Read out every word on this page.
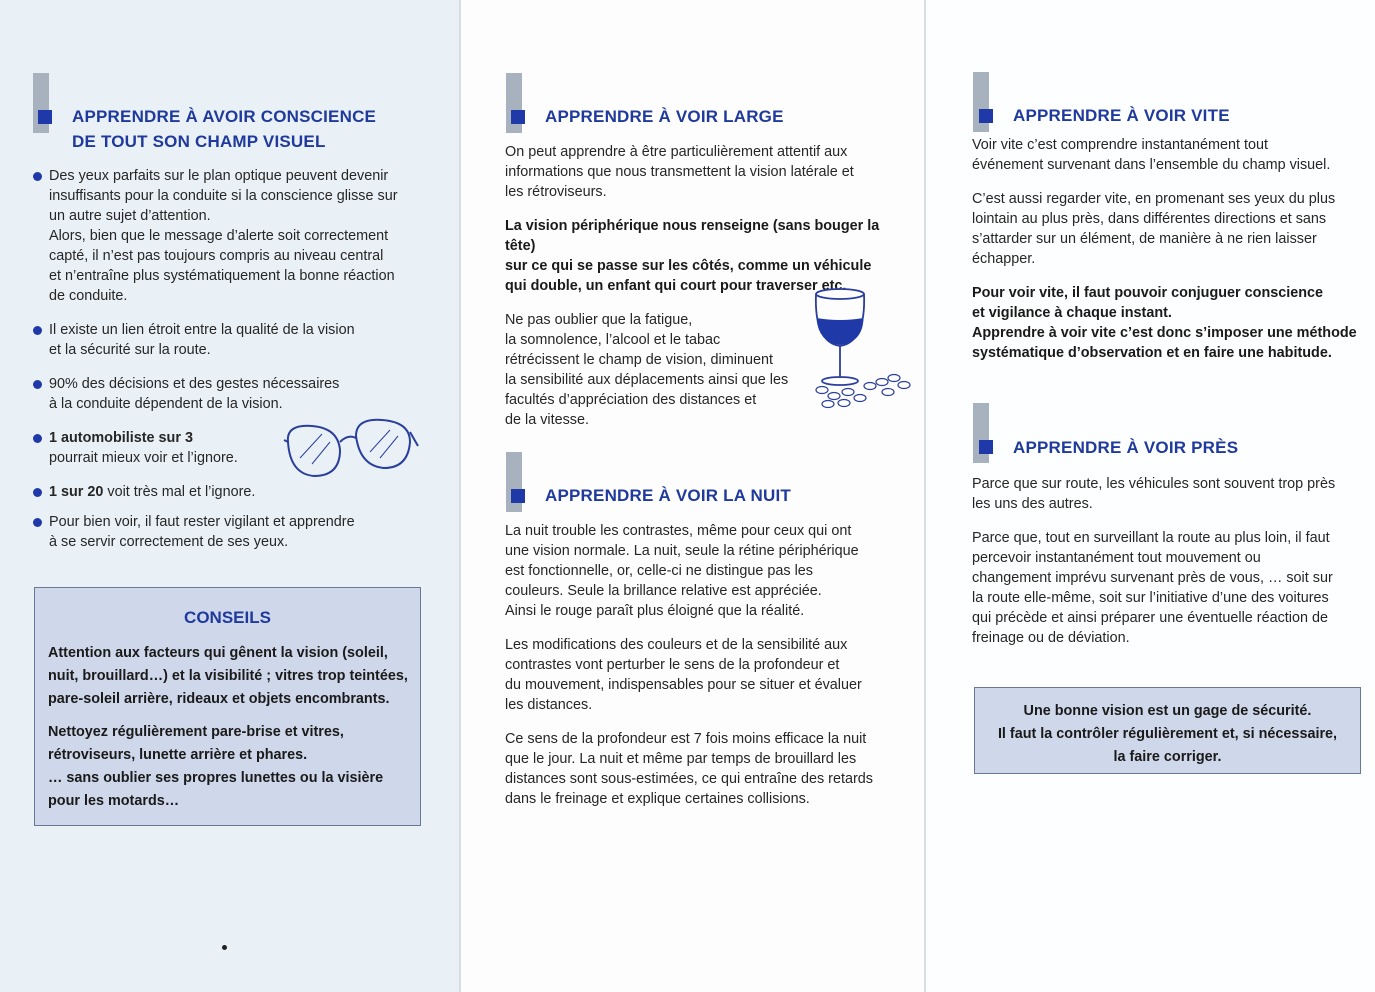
APPRENDRE À AVOIR CONSCIENCE
DE TOUT SON CHAMP VISUEL
Des yeux parfaits sur le plan optique peuvent devenir
insuffisants pour la conduite si la conscience glisse sur
un autre sujet d’attention.
Alors, bien que le message d’alerte soit correctement
capté, il n’est pas toujours compris au niveau central
et n’entraîne plus systématiquement la bonne réaction
de conduite.
Il existe un lien étroit entre la qualité de la vision
et la sécurité sur la route.
90% des décisions et des gestes nécessaires
à la conduite dépendent de la vision.
1 automobiliste sur 3
pourrait mieux voir et l’ignore.
1 sur 20 voit très mal et l’ignore.
Pour bien voir, il faut rester vigilant et apprendre
à se servir correctement de ses yeux.
CONSEILS
Attention aux facteurs qui gênent la vision (soleil,
nuit, brouillard…) et la visibilité ; vitres trop teintées,
pare-soleil arrière, rideaux et objets encombrants.
Nettoyez régulièrement pare-brise et vitres,
rétroviseurs, lunette arrière et phares.
… sans oublier ses propres lunettes ou la visière
pour les motards…
APPRENDRE À VOIR LARGE

On peut apprendre à être particulièrement attentif aux
informations que nous transmettent la vision latérale et
les rétroviseurs.

La vision périphérique nous renseigne (sans bouger la tête)
sur ce qui se passe sur les côtés, comme un véhicule
qui double, un enfant qui court pour traverser etc.

Ne pas oublier que la fatigue,
la somnolence, l’alcool et le tabac
rétrécissent le champ de vision, diminuent
la sensibilité aux déplacements ainsi que les
facultés d’appréciation des distances et
de la vitesse.

APPRENDRE À VOIR LA NUIT

La nuit trouble les contrastes, même pour ceux qui ont
une vision normale. La nuit, seule la rétine périphérique
est fonctionnelle, or, celle-ci ne distingue pas les
couleurs. Seule la brillance relative est appréciée.
Ainsi le rouge paraît plus éloigné que la réalité.

Les modifications des couleurs et de la sensibilité aux
contrastes vont perturber le sens de la profondeur et
du mouvement, indispensables pour se situer et évaluer
les distances.

Ce sens de la profondeur est 7 fois moins efficace la nuit
que le jour. La nuit et même par temps de brouillard les
distances sont sous-estimées, ce qui entraîne des retards
dans le freinage et explique certaines collisions.

APPRENDRE À VOIR VITE

Voir vite c’est comprendre instantanément tout
événement survenant dans l’ensemble du champ visuel.

C’est aussi regarder vite, en promenant ses yeux du plus
lointain au plus près, dans différentes directions et sans
s’attarder sur un élément, de manière à ne rien laisser
échapper.

Pour voir vite, il faut pouvoir conjuguer conscience
et vigilance à chaque instant.
Apprendre à voir vite c’est donc s’imposer une méthode
systématique d’observation et en faire une habitude.

APPRENDRE À VOIR PRÈS

Parce que sur route, les véhicules sont souvent trop près
les uns des autres.

Parce que, tout en surveillant la route au plus loin, il faut
percevoir instantanément tout mouvement ou
changement imprévu survenant près de vous, … soit sur
la route elle-même, soit sur l’initiative d’une des voitures
qui précède et ainsi préparer une éventuelle réaction de
freinage ou de déviation.

Une bonne vision est un gage de sécurité.
Il faut la contrôler régulièrement et, si nécessaire,
la faire corriger.
